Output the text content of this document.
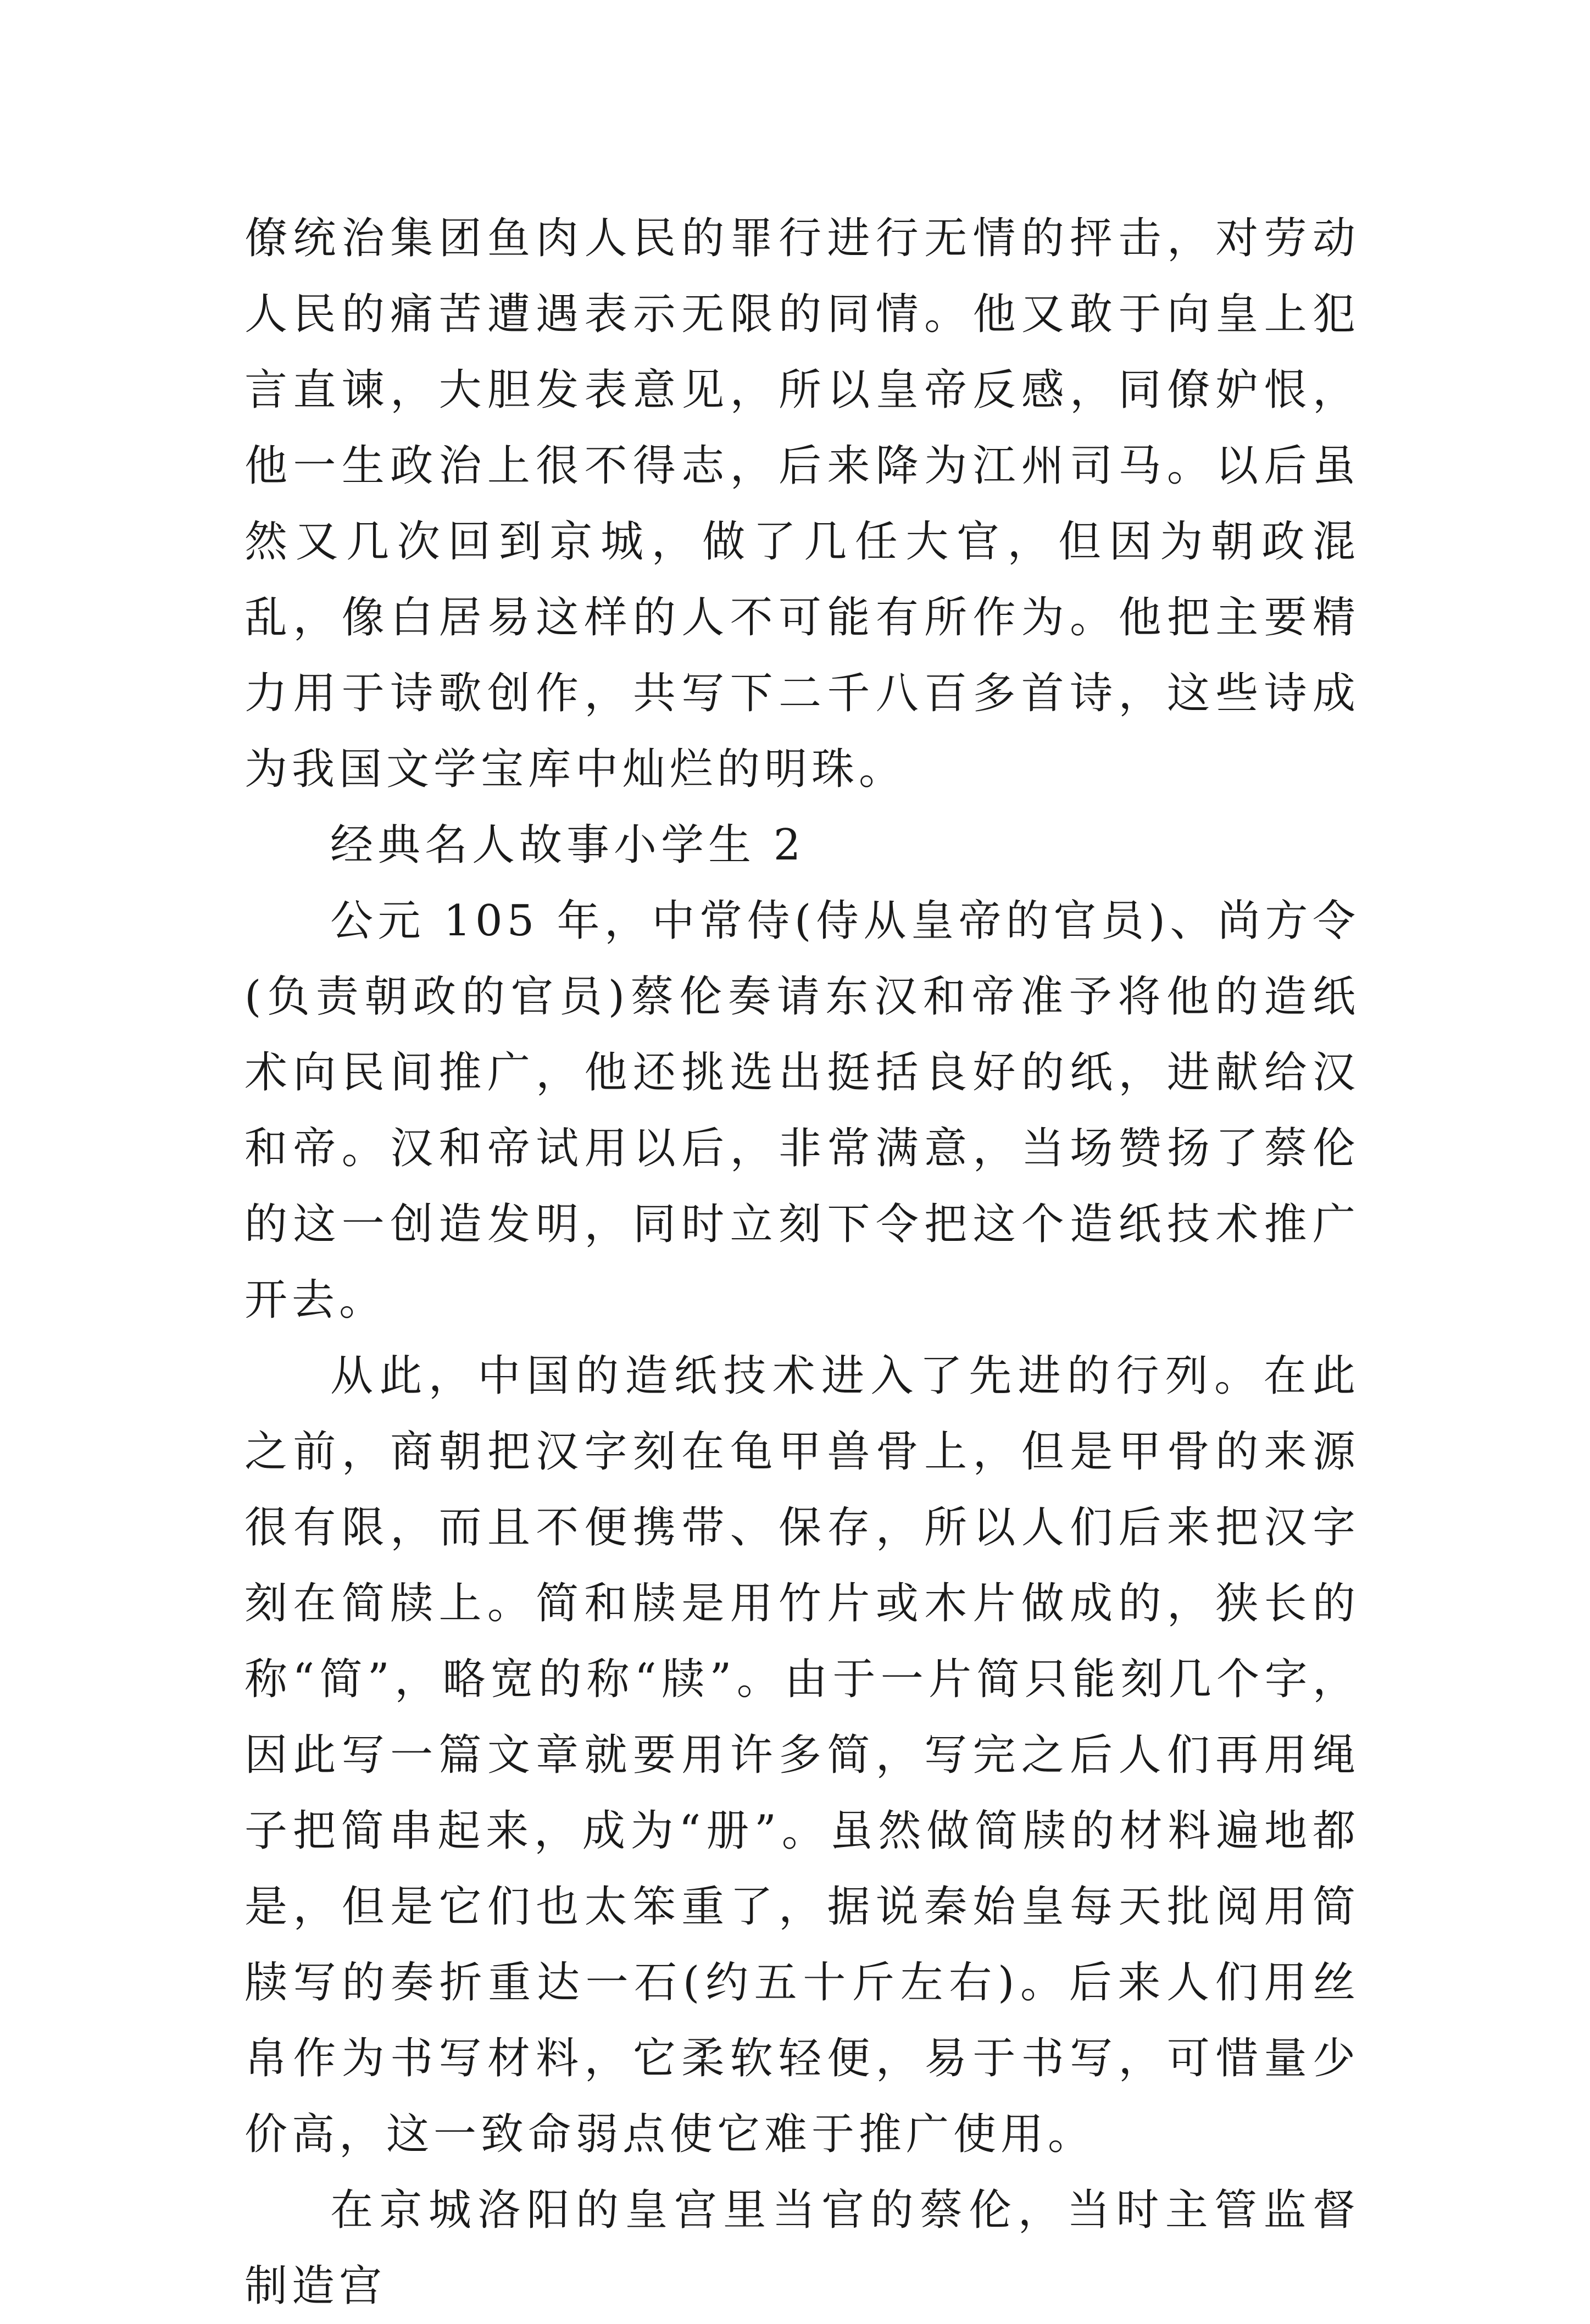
僚统治集团鱼肉人民的罪行进行无情的抨击，对劳动人民的痛苦遭遇表示无限的同情。他又敢于向皇上犯言直谏，大胆发表意见，所以皇帝反感，同僚妒恨，他一生政治上很不得志，后来降为江州司马。以后虽然又几次回到京城，做了几任大官，但因为朝政混乱，像白居易这样的人不可能有所作为。他把主要精力用于诗歌创作，共写下二千八百多首诗，这些诗成为我国文学宝库中灿烂的明珠。

经典名人故事小学生 2

公元 105 年，中常侍(侍从皇帝的官员)、尚方令(负责朝政的官员)蔡伦奏请东汉和帝准予将他的造纸术向民间推广，他还挑选出挺括良好的纸，进献给汉和帝。汉和帝试用以后，非常满意，当场赞扬了蔡伦的这一创造发明，同时立刻下令把这个造纸技术推广开去。

从此，中国的造纸技术进入了先进的行列。在此之前，商朝把汉字刻在龟甲兽骨上，但是甲骨的来源很有限，而且不便携带、保存，所以人们后来把汉字刻在简牍上。简和牍是用竹片或木片做成的，狭长的称“简”，略宽的称“牍”。由于一片简只能刻几个字，因此写一篇文章就要用许多简，写完之后人们再用绳子把简串起来，成为“册”。虽然做简牍的材料遍地都是，但是它们也太笨重了，据说秦始皇每天批阅用简牍写的奏折重达一石(约五十斤左右)。后来人们用丝帛作为书写材料，它柔软轻便，易于书写，可惜量少价高，这一致命弱点使它难于推广使用。

在京城洛阳的皇宫里当官的蔡伦，当时主管监督制造宫
